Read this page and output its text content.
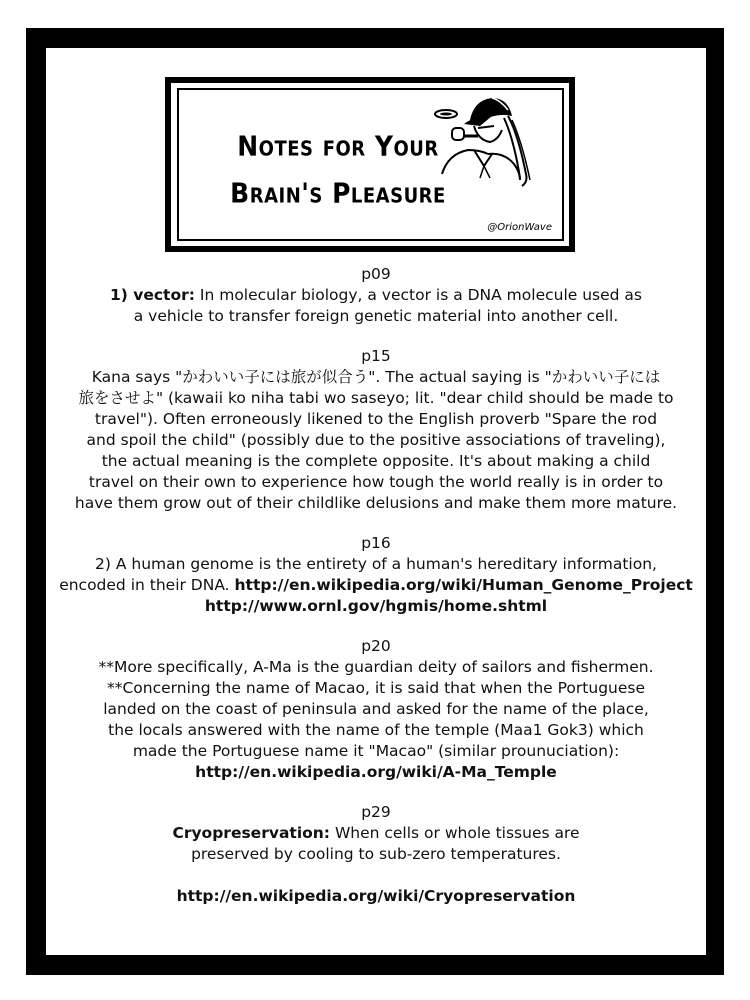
Notes for Your
Brain's Pleasure
@OrionWave
p09
1) vector: In molecular biology, a vector is a DNA molecule used as
a vehicle to transfer foreign genetic material into another cell.
p15
Kana says "かわいい子には旅が似合う". The actual saying is "かわいい子には
旅をさせよ" (kawaii ko niha tabi wo saseyo; lit. "dear child should be made to
travel"). Often erroneously likened to the English proverb "Spare the rod
and spoil the child" (possibly due to the positive associations of traveling),
the actual meaning is the complete opposite. It's about making a child
travel on their own to experience how tough the world really is in order to
have them grow out of their childlike delusions and make them more mature.
p16
2) A human genome is the entirety of a human's hereditary information,
encoded in their DNA. http://en.wikipedia.org/wiki/Human_Genome_Project
http://www.ornl.gov/hgmis/home.shtml
p20
**More specifically, A-Ma is the guardian deity of sailors and fishermen.
**Concerning the name of Macao, it is said that when the Portuguese
landed on the coast of peninsula and asked for the name of the place,
the locals answered with the name of the temple (Maa1 Gok3) which
made the Portuguese name it "Macao" (similar prounuciation):
http://en.wikipedia.org/wiki/A-Ma_Temple
p29
Cryopreservation: When cells or whole tissues are
preserved by cooling to sub-zero temperatures.
http://en.wikipedia.org/wiki/Cryopreservation
